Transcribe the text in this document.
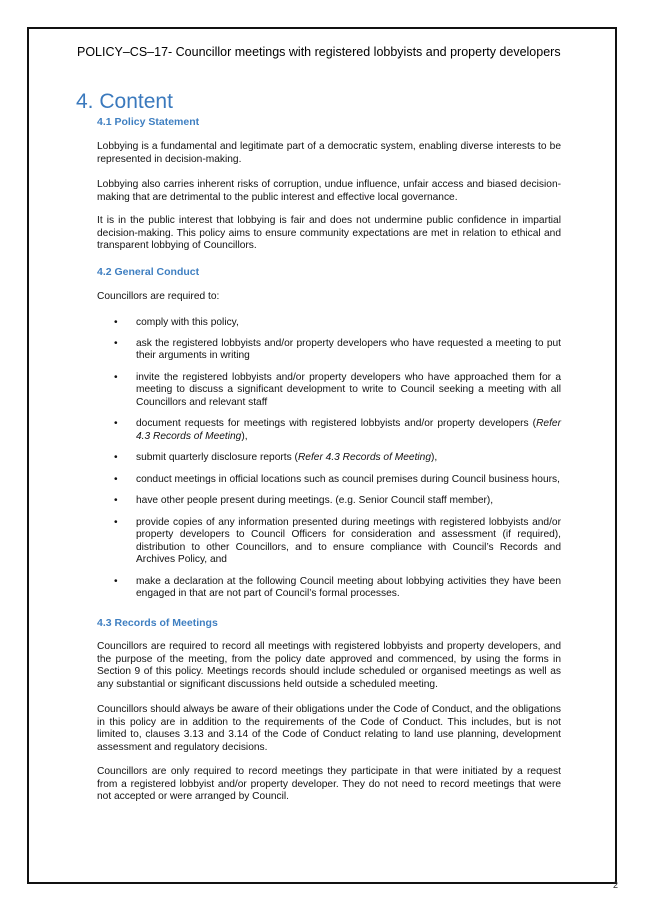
POLICY–CS–17- Councillor meetings with registered lobbyists and property developers
4. Content
4.1 Policy Statement

Lobbying is a fundamental and legitimate part of a democratic system, enabling diverse interests to be represented in decision-making.

Lobbying also carries inherent risks of corruption, undue influence, unfair access and biased decision-making that are detrimental to the public interest and effective local governance.

It is in the public interest that lobbying is fair and does not undermine public confidence in impartial decision-making. This policy aims to ensure community expectations are met in relation to ethical and transparent lobbying of Councillors.

4.2 General Conduct

Councillors are required to:

• comply with this policy,
• ask the registered lobbyists and/or property developers who have requested a meeting to put their arguments in writing
• invite the registered lobbyists and/or property developers who have approached them for a meeting to discuss a significant development to write to Council seeking a meeting with all Councillors and relevant staff
• document requests for meetings with registered lobbyists and/or property developers (Refer 4.3 Records of Meeting),
• submit quarterly disclosure reports (Refer 4.3 Records of Meeting),
• conduct meetings in official locations such as council premises during Council business hours,
• have other people present during meetings. (e.g. Senior Council staff member),
• provide copies of any information presented during meetings with registered lobbyists and/or property developers to Council Officers for consideration and assessment (if required), distribution to other Councillors, and to ensure compliance with Council’s Records and Archives Policy, and
• make a declaration at the following Council meeting about lobbying activities they have been engaged in that are not part of Council’s formal processes.
4.3 Records of Meetings

Councillors are required to record all meetings with registered lobbyists and property developers, and the purpose of the meeting, from the policy date approved and commenced, by using the forms in Section 9 of this policy. Meetings records should include scheduled or organised meetings as well as any substantial or significant discussions held outside a scheduled meeting.

Councillors should always be aware of their obligations under the Code of Conduct, and the obligations in this policy are in addition to the requirements of the Code of Conduct. This includes, but is not limited to, clauses 3.13 and 3.14 of the Code of Conduct relating to land use planning, development assessment and regulatory decisions.

Councillors are only required to record meetings they participate in that were initiated by a request from a registered lobbyist and/or property developer. They do not need to record meetings that were not accepted or were arranged by Council.

2
